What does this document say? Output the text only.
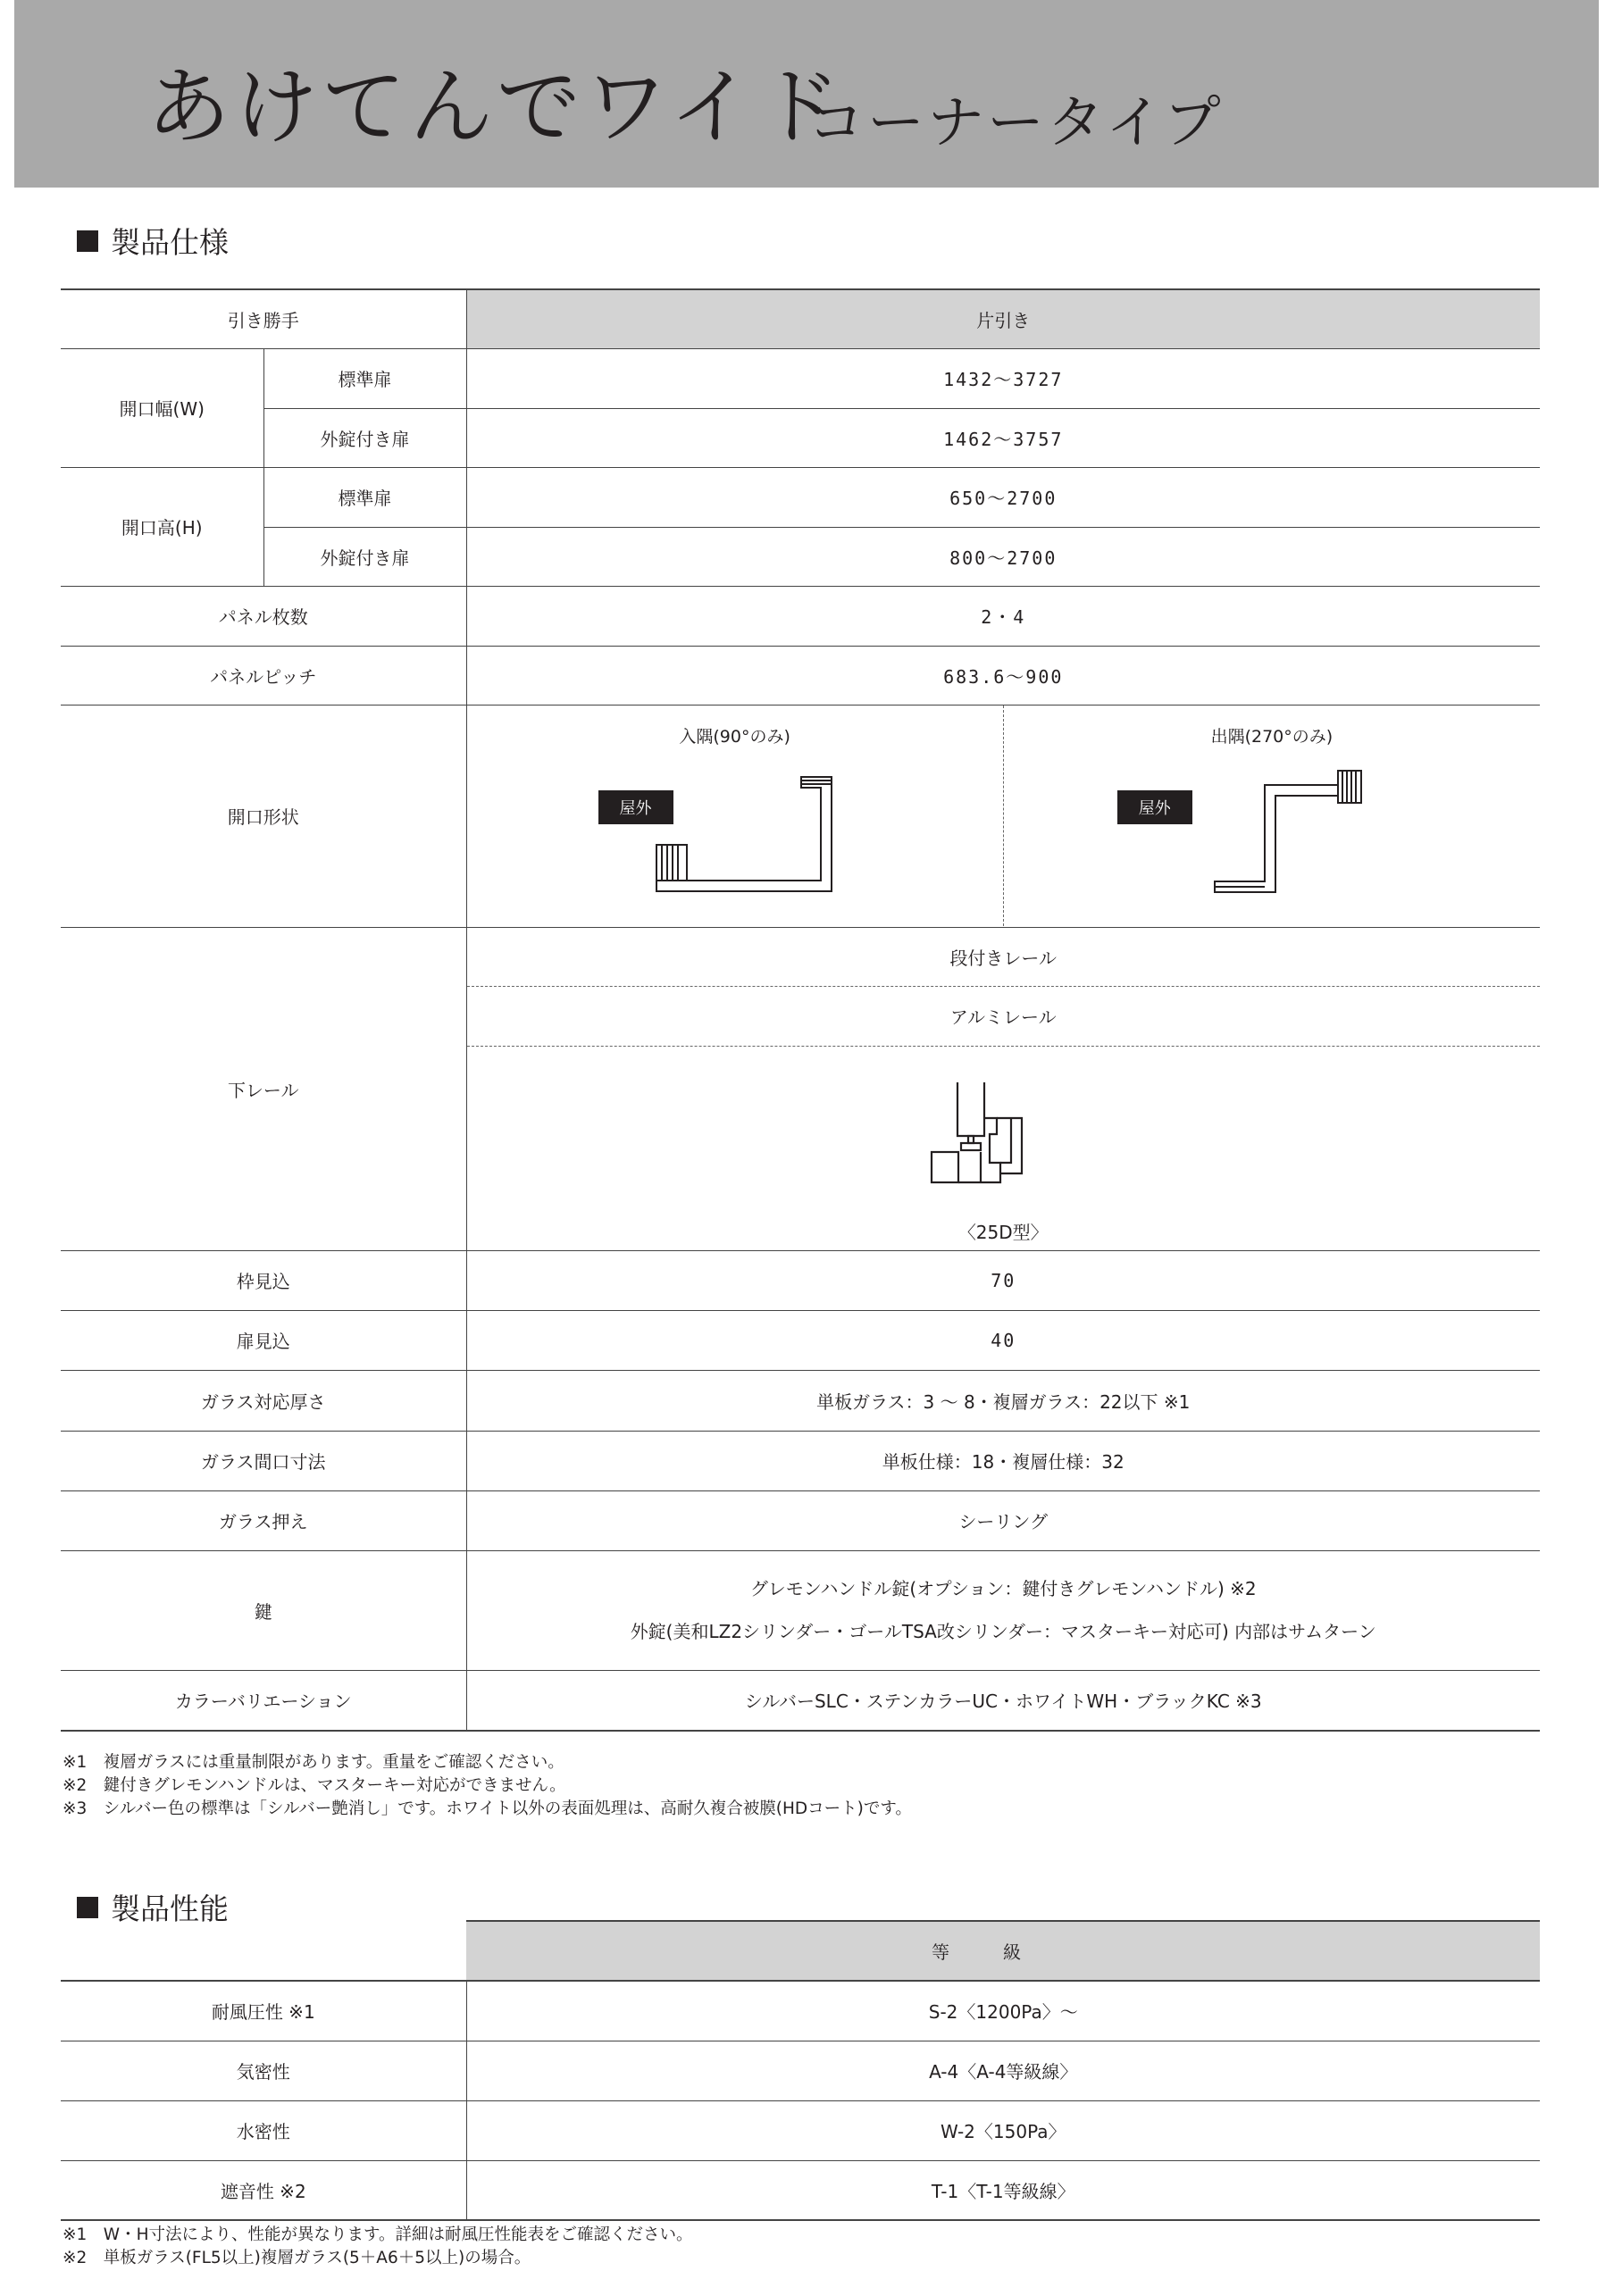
あけてんでワイド
コーナータイプ
製品仕様
引き勝手		片引き
開口幅(W)	標準扉	1432～3727
	外錠付き扉	1462～3757
開口高(H)	標準扉	650～2700
	外錠付き扉	800～2700
パネル枚数		2・4
パネルピッチ		683.6～900
開口形状		入隅(90°のみ)
屋外
出隅(270°のみ)
屋外

下レール		段付きレール
		アルミレール

		〈25D型〉

枠見込		70
扉見込		40
ガラス対応厚さ		単板ガラス：3 ～ 8・複層ガラス：22以下 ※1
ガラス間口寸法		単板仕様：18・複層仕様：32
ガラス押え		シーリング
鍵		グレモンハンドル錠(オプション：鍵付きグレモンハンドル) ※2
外錠(美和LZ2シリンダー・ゴールTSA改シリンダー：マスターキー対応可) 内部はサムターン

カラーバリエーション		シルバーSLC・ステンカラーUC・ホワイトWH・ブラックKC ※3
※1　複層ガラスには重量制限があります。重量をご確認ください。
※2　鍵付きグレモンハンドルは、マスターキー対応ができません。
※3　シルバー色の標準は「シルバー艶消し」です。ホワイト以外の表面処理は、高耐久複合被膜(HDコート)です。
製品性能
	等級
耐風圧性 ※1	S-2〈1200Pa〉～
気密性	A-4〈A-4等級線〉
水密性	W-2〈150Pa〉
遮音性 ※2	T-1〈T-1等級線〉
※1　W・H寸法により、性能が異なります。詳細は耐風圧性能表をご確認ください。
※2　単板ガラス(FL5以上)複層ガラス(5＋A6＋5以上)の場合。
